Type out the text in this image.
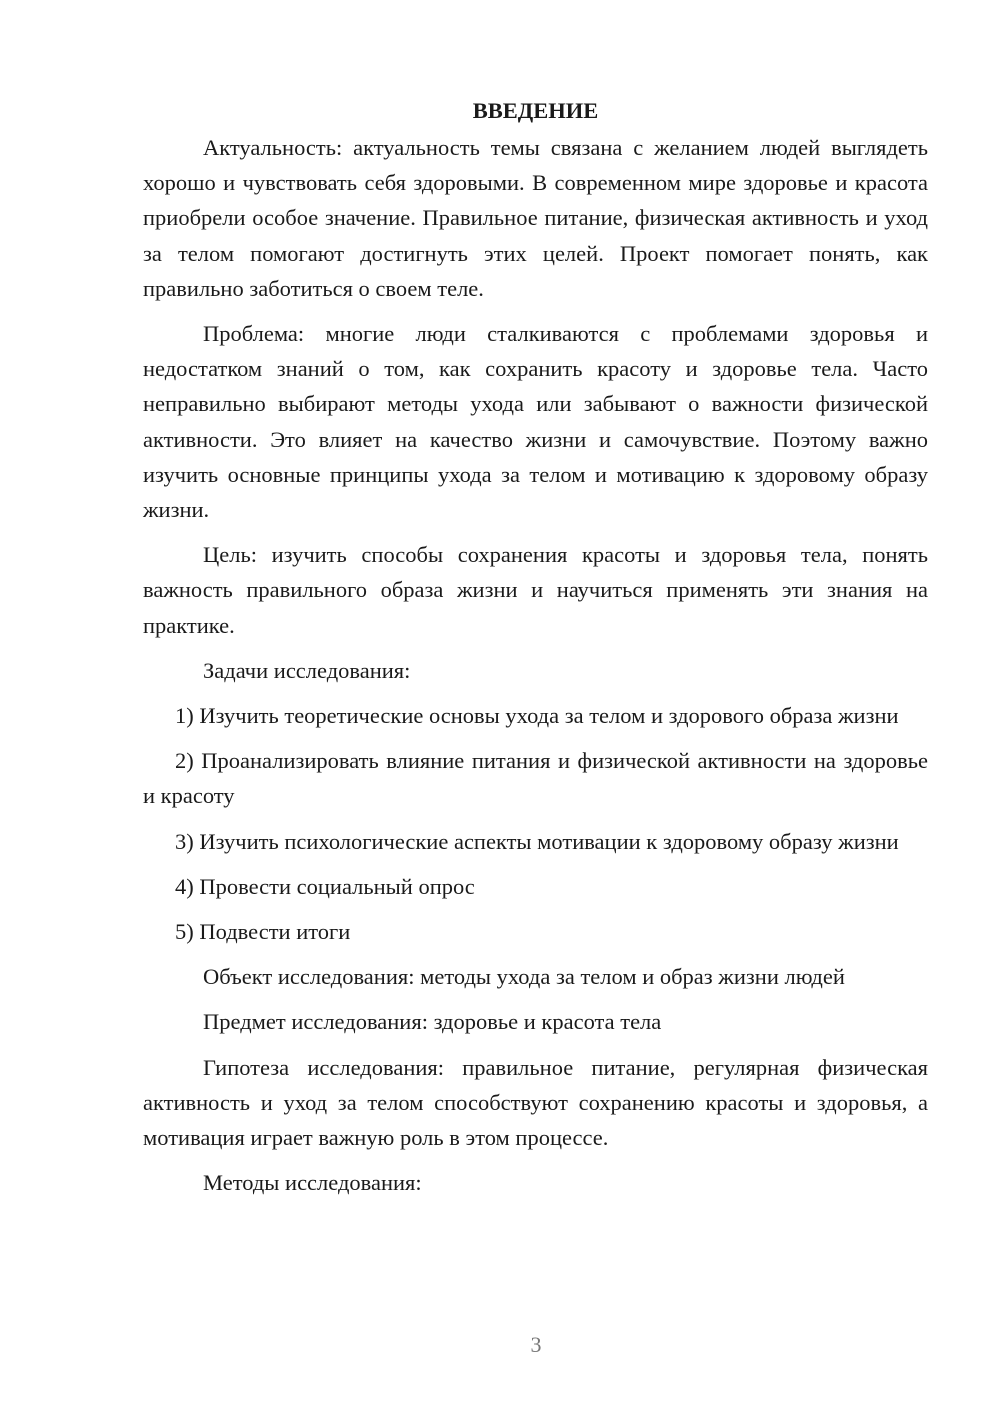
ВВЕДЕНИЕ

Актуальность: актуальность темы связана с желанием людей выглядеть хорошо и чувствовать себя здоровыми. В современном мире здоровье и красота приобрели особое значение. Правильное питание, физическая активность и уход за телом помогают достигнуть этих целей. Проект помогает понять, как правильно заботиться о своем теле.

Проблема: многие люди сталкиваются с проблемами здоровья и недостатком знаний о том, как сохранить красоту и здоровье тела. Часто неправильно выбирают методы ухода или забывают о важности физической активности. Это влияет на качество жизни и самочувствие. Поэтому важно изучить основные принципы ухода за телом и мотивацию к здоровому образу жизни.

Цель: изучить способы сохранения красоты и здоровья тела, понять важность правильного образа жизни и научиться применять эти знания на практике.

Задачи исследования:

1) Изучить теоретические основы ухода за телом и здорового образа жизни

2) Проанализировать влияние питания и физической активности на здоровье и красоту

3) Изучить психологические аспекты мотивации к здоровому образу жизни

4) Провести социальный опрос

5) Подвести итоги

Объект исследования: методы ухода за телом и образ жизни людей

Предмет исследования: здоровье и красота тела

Гипотеза исследования: правильное питание, регулярная физическая активность и уход за телом способствуют сохранению красоты и здоровья, а мотивация играет важную роль в этом процессе.

Методы исследования:

3
